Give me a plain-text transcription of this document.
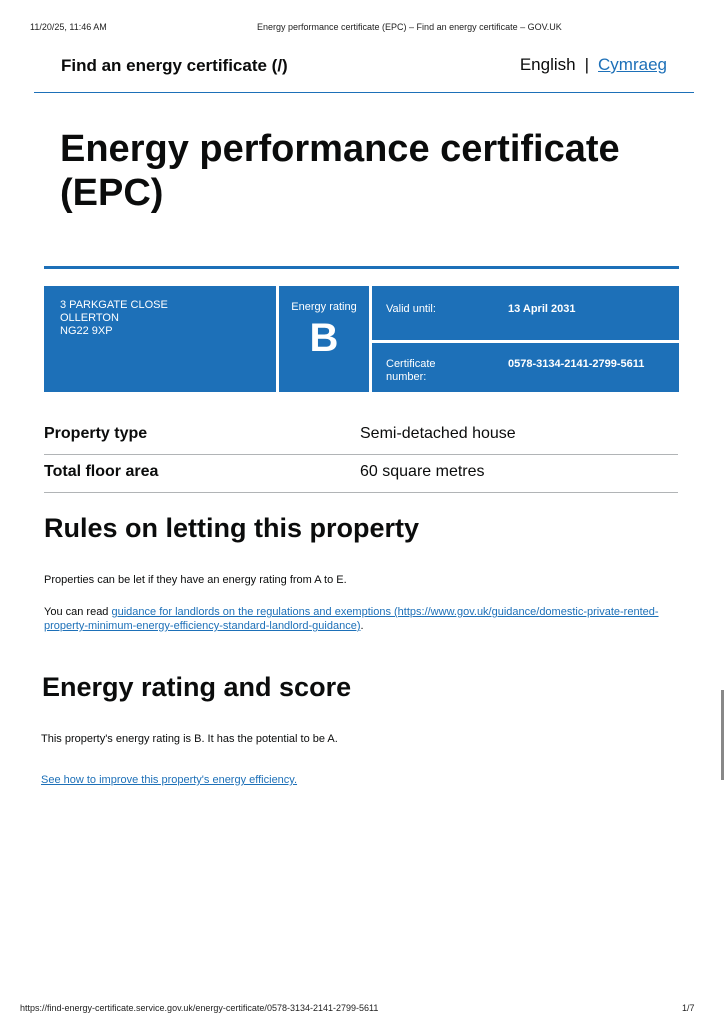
11/20/25, 11:46 AM	Energy performance certificate (EPC) – Find an energy certificate – GOV.UK
Find an energy certificate (/)	English | Cymraeg
Energy performance certificate (EPC)
3 PARKGATE CLOSE
OLLERTON
NG22 9XP
Energy rating
B
Valid until:	13 April 2031
Certificate number:
0578-3134-2141-2799-5611
Property type	Semi-detached house
Total floor area	60 square metres
Rules on letting this property
Properties can be let if they have an energy rating from A to E.
You can read guidance for landlords on the regulations and exemptions (https://www.gov.uk/guidance/domestic-private-rented-property-minimum-energy-efficiency-standard-landlord-guidance).
Energy rating and score
This property's energy rating is B. It has the potential to be A.
See how to improve this property's energy efficiency.
https://find-energy-certificate.service.gov.uk/energy-certificate/0578-3134-2141-2799-5611	1/7
